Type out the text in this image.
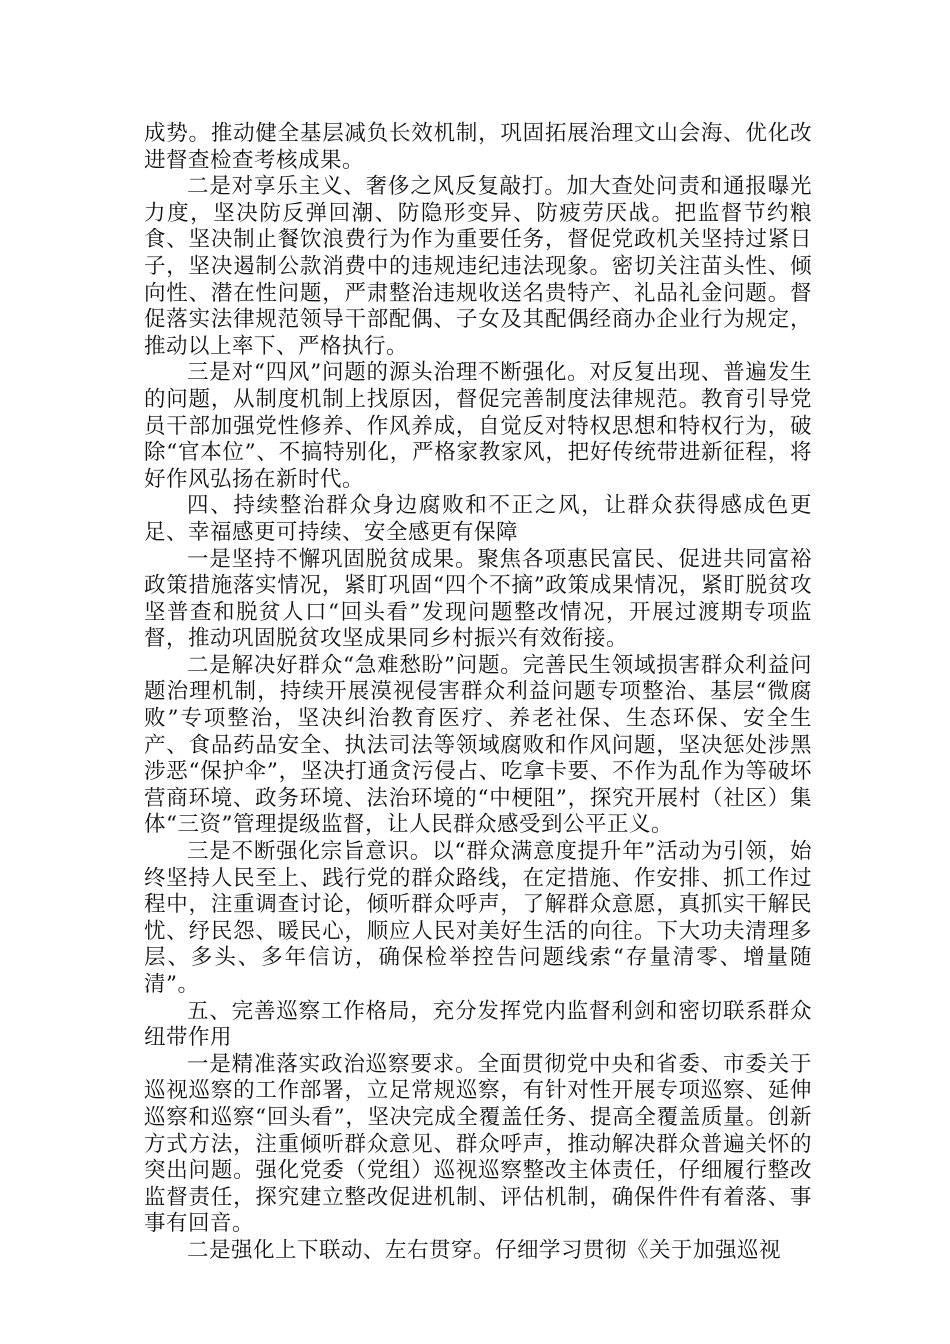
成势。推动健全基层减负长效机制，巩固拓展治理文山会海、优化改进督查检查考核成果。

二是对享乐主义、奢侈之风反复敲打。加大查处问责和通报曝光力度，坚决防反弹回潮、防隐形变异、防疲劳厌战。把监督节约粮食、坚决制止餐饮浪费行为作为重要任务，督促党政机关坚持过紧日子，坚决遏制公款消费中的违规违纪违法现象。密切关注苗头性、倾向性、潜在性问题，严肃整治违规收送名贵特产、礼品礼金问题。督促落实法律规范领导干部配偶、子女及其配偶经商办企业行为规定，推动以上率下、严格执行。

三是对“四风”问题的源头治理不断强化。对反复出现、普遍发生的问题，从制度机制上找原因，督促完善制度法律规范。教育引导党员干部加强党性修养、作风养成，自觉反对特权思想和特权行为，破除“官本位”、不搞特别化，严格家教家风，把好传统带进新征程，将好作风弘扬在新时代。

四、持续整治群众身边腐败和不正之风，让群众获得感成色更足、幸福感更可持续、安全感更有保障

一是坚持不懈巩固脱贫成果。聚焦各项惠民富民、促进共同富裕政策措施落实情况，紧盯巩固“四个不摘”政策成果情况，紧盯脱贫攻坚普查和脱贫人口“回头看”发现问题整改情况，开展过渡期专项监督，推动巩固脱贫攻坚成果同乡村振兴有效衔接。

二是解决好群众“急难愁盼”问题。完善民生领域损害群众利益问题治理机制，持续开展漠视侵害群众利益问题专项整治、基层“微腐败”专项整治，坚决纠治教育医疗、养老社保、生态环保、安全生产、食品药品安全、执法司法等领域腐败和作风问题，坚决惩处涉黑涉恶“保护伞”，坚决打通贪污侵占、吃拿卡要、不作为乱作为等破坏营商环境、政务环境、法治环境的“中梗阻”，探究开展村（社区）集体“三资”管理提级监督，让人民群众感受到公平正义。

三是不断强化宗旨意识。以“群众满意度提升年”活动为引领，始终坚持人民至上、践行党的群众路线，在定措施、作安排、抓工作过程中，注重调查讨论，倾听群众呼声，了解群众意愿，真抓实干解民忧、纾民怨、暖民心，顺应人民对美好生活的向往。下大功夫清理多层、多头、多年信访，确保检举控告问题线索“存量清零、增量随清”。

五、完善巡察工作格局，充分发挥党内监督利剑和密切联系群众纽带作用

一是精准落实政治巡察要求。全面贯彻党中央和省委、市委关于巡视巡察的工作部署，立足常规巡察，有针对性开展专项巡察、延伸巡察和巡察“回头看”，坚决完成全覆盖任务、提高全覆盖质量。创新方式方法，注重倾听群众意见、群众呼声，推动解决群众普遍关怀的突出问题。强化党委（党组）巡视巡察整改主体责任，仔细履行整改监督责任，探究建立整改促进机制、评估机制，确保件件有着落、事事有回音。

二是强化上下联动、左右贯穿。仔细学习贯彻《关于加强巡视
